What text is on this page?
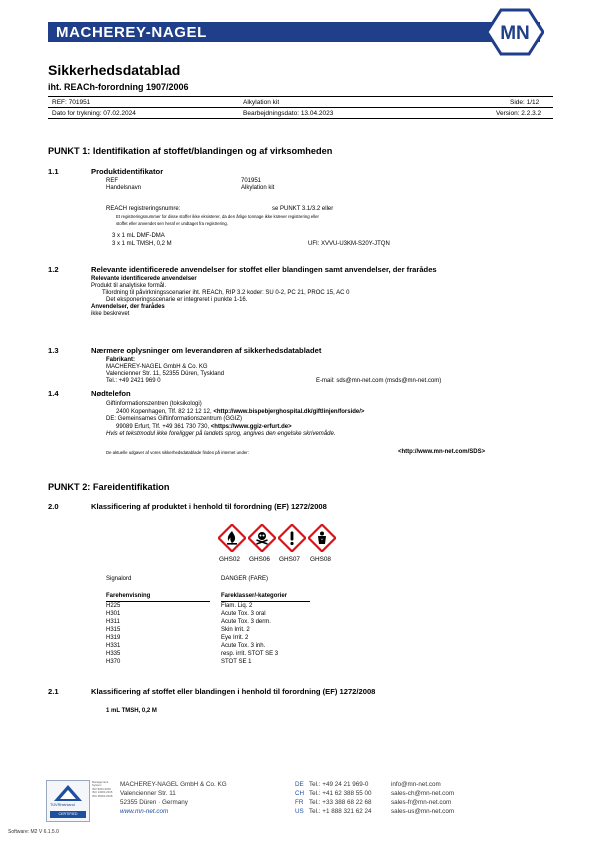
MACHEREY-NAGEL	MN
Sikkerhedsdatablad
iht. REACh-forordning 1907/2006
REF: 701951	Alkylation kit	Side: 1/12
Dato for trykning: 07.02.2024	Bearbejdningsdato: 13.04.2023	Version: 2.2.3.2
PUNKT 1: Identifikation af stoffet/blandingen og af virksomheden
1.1	Produktidentifikator
REF	701951
Handelsnavn	Alkylation kit
REACH registreringsnumre:	se PUNKT 3.1/3.2 eller
Et registreringsnummer for disse stoffer ikke eksisterer, da den årlige tonnage ikke kræver registrering eller
stoffet eller anvendet sen heraf er undtaget fra registrering.
3 x 1 mL DMF-DMA
3 x 1 mL TMSH, 0,2 M	UFI: XVVU-U3KM-S20Y-JTQN
1.2	Relevante identificerede anvendelser for stoffet eller blandingen samt anvendelser, der frarådes
Relevante identificerede anvendelser
Produkt til analytiske formål.
Tilordning til påvirkningsscenarier iht. REACh, RIP 3.2 koder: SU 0-2, PC 21, PROC 15, AC 0
Det eksponeringsscenarie er integreret i punkte 1-16.
Anvendelser, der frarådes
ikke beskrevet
1.3	Nærmere oplysninger om leverandøren af sikkerhedsdatabladet
Fabrikant:
MACHEREY-NAGEL GmbH & Co. KG
Valencienner Str. 11, 52355 Düren, Tyskland
Tel.: +49 2421 969 0	E-mail: sds@mn-net.com (msds@mn-net.com)
1.4	Nødtelefon
Giftinformationszentren (toksikologi)
2400 Kopenhagen, Tlf. 82 12 12 12, <http://www.bispebjerghospital.dk/giftlinjen/forside/>
DE: Gemeinsames Giftinformationszentrum (GGIZ)
99089 Erfurt, Tlf. +49 361 730 730, <https://www.ggiz-erfurt.de>
Hvis et tekstmodul ikke foreligger på landets sprog, angives den engelske skrivemåde.
De aktuelle udgaver af vores sikkerhedsdatablade findes på internet under:	<http://www.mn-net.com/SDS>
PUNKT 2: Fareidentifikation
2.0	Klassificering af produktet i henhold til forordning (EF) 1272/2008
GHS02 GHS06 GHS07 GHS08
Signalord	DANGER (FARE)
Farehenvisning	Fareklasser/-kategorier
H225	Flam. Liq. 2
H301	Acute Tox. 3 oral
H311	Acute Tox. 3 derm.
H315	Skin Irrit. 2
H319	Eye Irrit. 2
H331	Acute Tox. 3 inh.
H335	resp. irrit. STOT SE 3
H370	STOT SE 1
2.1	Klassificering af stoffet eller blandingen i henhold til forordning (EF) 1272/2008
1 mL TMSH, 0,2 M
TÜVRheinland
CERTIFIED
Management
System
ISO 9001:2015
ISO 14001:2015
ISO 45001:2018
MACHEREY-NAGEL GmbH & Co. KG
Valencienner Str. 11
52355 Düren · Germany
www.mn-net.com
DE Tel.: +49 24 21 969-0	info@mn-net.com
CH Tel.: +41 62 388 55 00	sales-ch@mn-net.com
FR Tel.: +33 388 68 22 68	sales-fr@mn-net.com
US Tel.: +1 888 321 62 24	sales-us@mn-net.com
Software: M2 V 6.1.5.0
